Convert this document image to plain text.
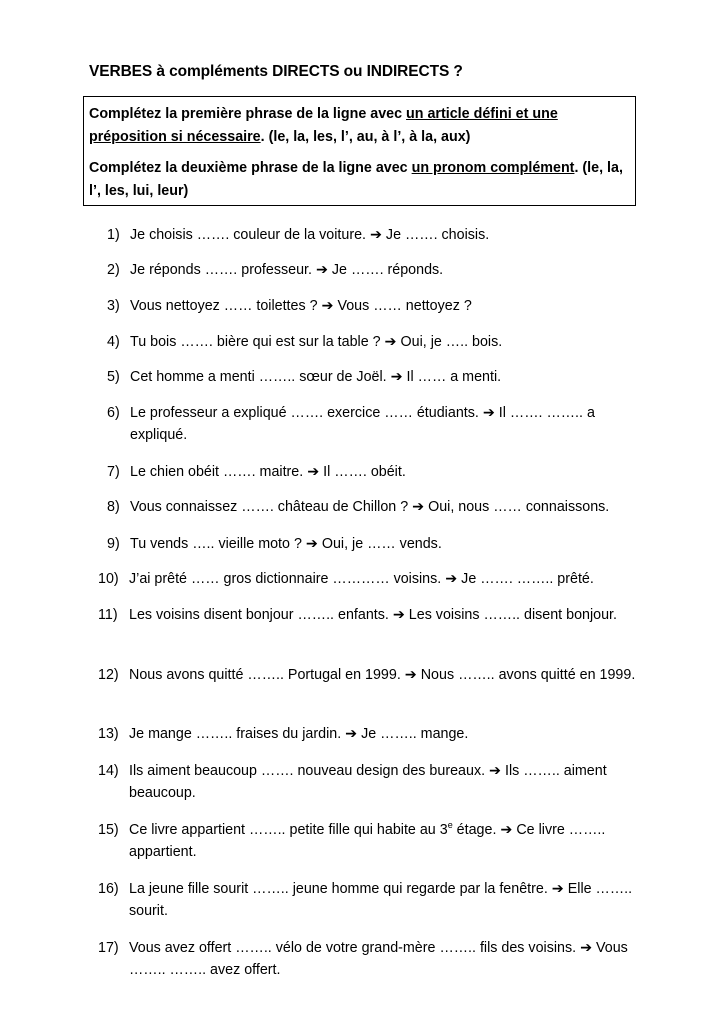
VERBES à compléments DIRECTS ou INDIRECTS ?

Complétez la première phrase de la ligne avec un article défini et une préposition si nécessaire. (le, la, les, l’, au, à l’, à la, aux)

Complétez la deuxième phrase de la ligne avec un pronom complément. (le, la, l’, les, lui, leur)

1) Je choisis ……. couleur de la voiture. ➔ Je ……. choisis.
2) Je réponds ……. professeur. ➔ Je ……. réponds.
3) Vous nettoyez …… toilettes ? ➔ Vous …… nettoyez ?
4) Tu bois ……. bière qui est sur la table ? ➔ Oui, je ….. bois.
5) Cet homme a menti …….. sœur de Joël. ➔ Il …… a menti.
6) Le professeur a expliqué ……. exercice …… étudiants. ➔ Il ……. …….. a expliqué.
7) Le chien obéit ……. maitre. ➔ Il ……. obéit.
8) Vous connaissez ……. château de Chillon ? ➔ Oui, nous …… connaissons.
9) Tu vends ….. vieille moto ? ➔ Oui, je …… vends.
10) J’ai prêté …… gros dictionnaire ………… voisins. ➔ Je ……. …….. prêté.
11) Les voisins disent bonjour …….. enfants. ➔ Les voisins …….. disent bonjour.
12) Nous avons quitté …….. Portugal en 1999. ➔ Nous …….. avons quitté en 1999.
13) Je mange …….. fraises du jardin. ➔ Je …….. mange.
14) Ils aiment beaucoup ……. nouveau design des bureaux. ➔ Ils …….. aiment beaucoup.
15) Ce livre appartient …….. petite fille qui habite au 3e étage. ➔ Ce livre …….. appartient.
16) La jeune fille sourit …….. jeune homme qui regarde par la fenêtre. ➔ Elle …….. sourit.
17) Vous avez offert …….. vélo de votre grand-mère …….. fils des voisins. ➔ Vous …….. …….. avez offert.
